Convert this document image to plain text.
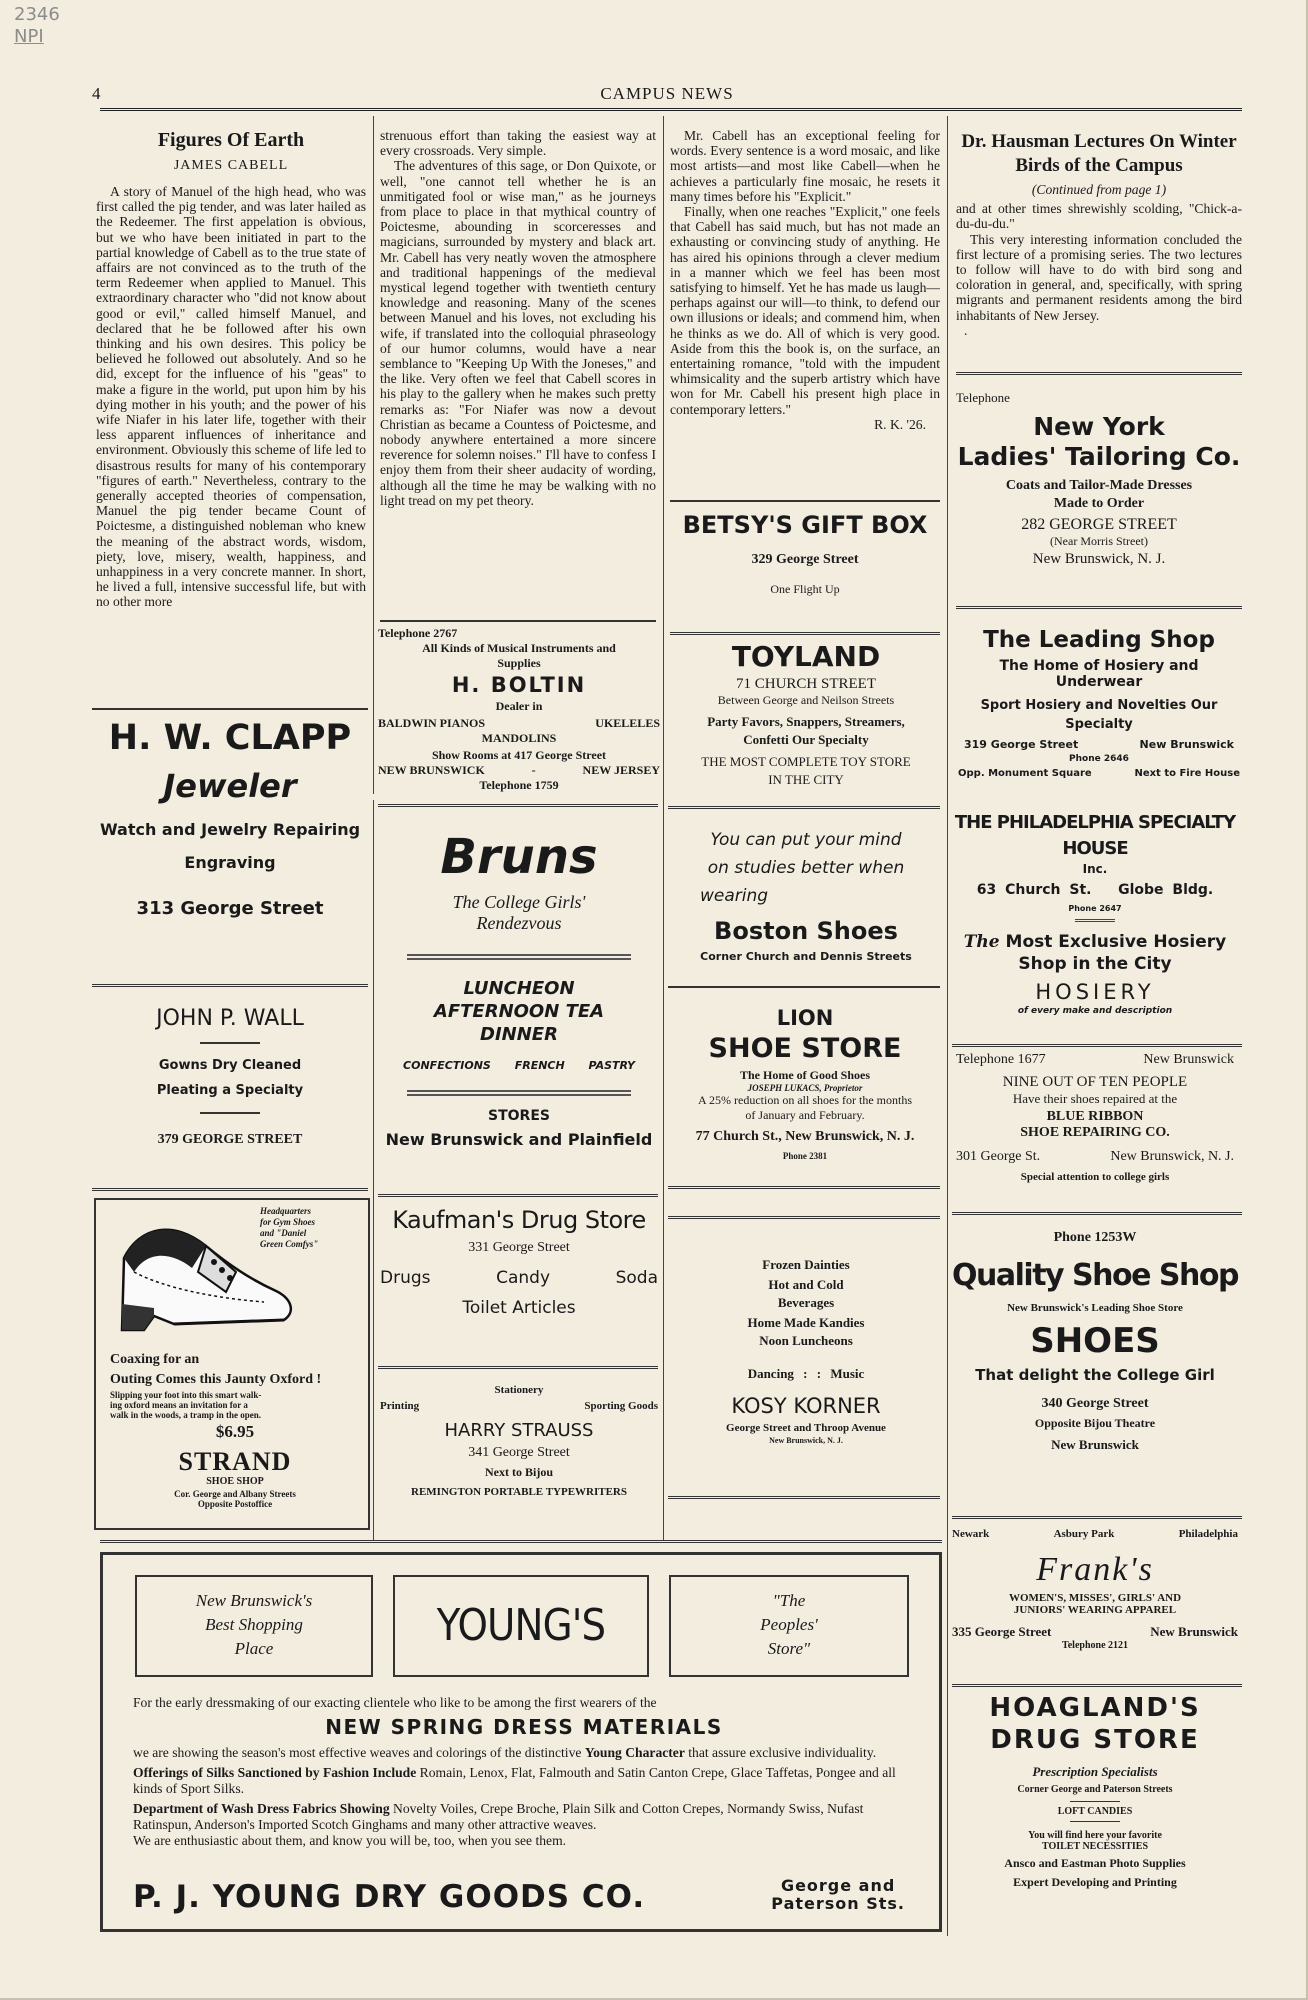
2346
NPI
4	CAMPUS NEWS
Figures Of Earth
JAMES CABELL

A story of Manuel of the high head, who was first called the pig tender, and was later hailed as the Redeemer. The first appelation is obvious, but we who have been initiated in part to the partial knowledge of Cabell as to the true state of affairs are not convinced as to the truth of the term Redeemer when applied to Manuel. This extraordinary character who "did not know about good or evil," called himself Manuel, and declared that he be followed after his own thinking and his own desires. This policy be believed he followed out absolutely. And so he did, except for the influence of his "geas" to make a figure in the world, put upon him by his dying mother in his youth; and the power of his wife Niafer in his later life, together with their less apparent influences of inheritance and environment. Obviously this scheme of life led to disastrous results for many of his contemporary "figures of earth." Nevertheless, contrary to the generally accepted theories of compensation, Manuel the pig tender became Count of Poictesme, a distinguished nobleman who knew the meaning of the abstract words, wisdom, piety, love, misery, wealth, happiness, and unhappiness in a very concrete manner. In short, he lived a full, intensive successful life, but with no other more

strenuous effort than taking the easiest way at every crossroads. Very simple.

The adventures of this sage, or Don Quixote, or well, "one cannot tell whether he is an unmitigated fool or wise man," as he journeys from place to place in that mythical country of Poictesme, abounding in scorceresses and magicians, surrounded by mystery and black art. Mr. Cabell has very neatly woven the atmosphere and traditional happenings of the medieval mystical legend together with twentieth century knowledge and reasoning. Many of the scenes between Manuel and his loves, not excluding his wife, if translated into the colloquial phraseology of our humor columns, would have a near semblance to "Keeping Up With the Joneses," and the like. Very often we feel that Cabell scores in his play to the gallery when he makes such pretty remarks as: "For Niafer was now a devout Christian as became a Countess of Poictesme, and nobody anywhere entertained a more sincere reverence for solemn noises." I'll have to confess I enjoy them from their sheer audacity of wording, although all the time he may be walking with no light tread on my pet theory.

Mr. Cabell has an exceptional feeling for words. Every sentence is a word mosaic, and like most artists—and most like Cabell—when he achieves a particularly fine mosaic, he resets it many times before his "Explicit."

Finally, when one reaches "Explicit," one feels that Cabell has said much, but has not made an exhausting or convincing study of anything. He has aired his opinions through a clever medium in a manner which we feel has been most satisfying to himself. Yet he has made us laugh—perhaps against our will—to think, to defend our own illusions or ideals; and commend him, when he thinks as we do. All of which is very good. Aside from this the book is, on the surface, an entertaining romance, "told with the impudent whimsicality and the superb artistry which have won for Mr. Cabell his present high place in contemporary letters."

R. K. '26.
Dr. Hausman Lectures On Winter
Birds of the Campus
(Continued from page 1)

and at other times shrewishly scolding, "Chick-a-du-du-du."

This very interesting information concluded the first lecture of a promising series. The two lectures to follow will have to do with bird song and coloration in general, and, specifically, with spring migrants and permanent residents among the bird inhabitants of New Jersey.

.
Telephone
New York
Ladies' Tailoring Co.
Coats and Tailor-Made Dresses
Made to Order
282 GEORGE STREET
(Near Morris Street)
New Brunswick, N. J.
The Leading Shop
The Home of Hosiery and Underwear
Sport Hosiery and Novelties Our
Specialty
319 George Street	New Brunswick
Phone 2646
Opp. Monument Square	Next to Fire House
BETSY'S GIFT BOX
329 George Street
One Flight Up
TOYLAND
71 CHURCH STREET
Between George and Neilson Streets
Party Favors, Snappers, Streamers,
Confetti Our Specialty
THE MOST COMPLETE TOY STORE
IN THE CITY
Telephone 2767
All Kinds of Musical Instruments and
Supplies
H. BOLTIN
Dealer in
BALDWIN PIANOS	UKELELES
MANDOLINS
Show Rooms at 417 George Street
NEW BRUNSWICK	-	NEW JERSEY
Telephone 1759
H. W. CLAPP
Jeweler
Watch and Jewelry Repairing
Engraving
313 George Street
Bruns
The College Girls'
Rendezvous
LUNCHEON
AFTERNOON TEA
DINNER
CONFECTIONS FRENCH PASTRY
STORES
New Brunswick and Plainfield
You can put your mind
on studies better when
wearing
Boston Shoes
Corner Church and Dennis Streets
THE PHILADELPHIA SPECIALTY HOUSE
Inc.
63 Church St. Globe Bldg.
Phone 2647
The Most Exclusive Hosiery
Shop in the City
HOSIERY
of every make and description
JOHN P. WALL
Gowns Dry Cleaned
Pleating a Specialty
379 GEORGE STREET
LION
SHOE STORE
The Home of Good Shoes
JOSEPH LUKACS, Proprietor
A 25% reduction on all shoes for the months
of January and February.
77 Church St., New Brunswick, N. J.
Phone 2381
Telephone 1677	New Brunswick
NINE OUT OF TEN PEOPLE
Have their shoes repaired at the
BLUE RIBBON
SHOE REPAIRING CO.
301 George St.	New Brunswick, N. J.
Special attention to college girls
Headquarters
for Gym Shoes
and "Daniel
Green Comfys"
Coaxing for an
Outing Comes this Jaunty Oxford !
Slipping your foot into this smart walk-
ing oxford means an invitation for a
walk in the woods, a tramp in the open.
$6.95
STRAND
SHOE SHOP
Cor. George and Albany Streets
Opposite Postoffice
Kaufman's Drug Store
331 George Street
Drugs	Candy	Soda
Toilet Articles
Stationery
Printing	Sporting Goods
HARRY STRAUSS
341 George Street
Next to Bijou
REMINGTON PORTABLE TYPEWRITERS
Frozen Dainties
Hot and Cold
Beverages
Home Made Kandies
Noon Luncheons
Dancing : : Music
KOSY KORNER
George Street and Throop Avenue
New Brunswick, N. J.
Phone 1253W
Quality Shoe Shop
New Brunswick's Leading Shoe Store
SHOES
That delight the College Girl
340 George Street
Opposite Bijou Theatre
New Brunswick
Newark	Asbury Park	Philadelphia
Frank's
WOMEN'S, MISSES', GIRLS' AND
JUNIORS' WEARING APPAREL
335 George Street	New Brunswick
Telephone 2121
HOAGLAND'S
DRUG STORE
Prescription Specialists
Corner George and Paterson Streets
LOFT CANDIES
You will find here your favorite
TOILET NECESSITIES
Ansco and Eastman Photo Supplies
Expert Developing and Printing
New Brunswick's
Best Shopping
Place	YOUNG'S	"The
Peoples'
Store"
For the early dressmaking of our exacting clientele who like to be among the first wearers of the
NEW SPRING DRESS MATERIALS
we are showing the season's most effective weaves and colorings of the distinctive Young Character that assure exclusive individuality.
Offerings of Silks Sanctioned by Fashion Include Romain, Lenox, Flat, Falmouth and Satin Canton Crepe, Glace Taffetas, Pongee and all kinds of Sport Silks.
Department of Wash Dress Fabrics Showing Novelty Voiles, Crepe Broche, Plain Silk and Cotton Crepes, Normandy Swiss, Nufast Ratinspun, Anderson's Imported Scotch Ginghams and many other attractive weaves.
We are enthusiastic about them, and know you will be, too, when you see them.
P. J. YOUNG DRY GOODS CO.	George and
Paterson Sts.
